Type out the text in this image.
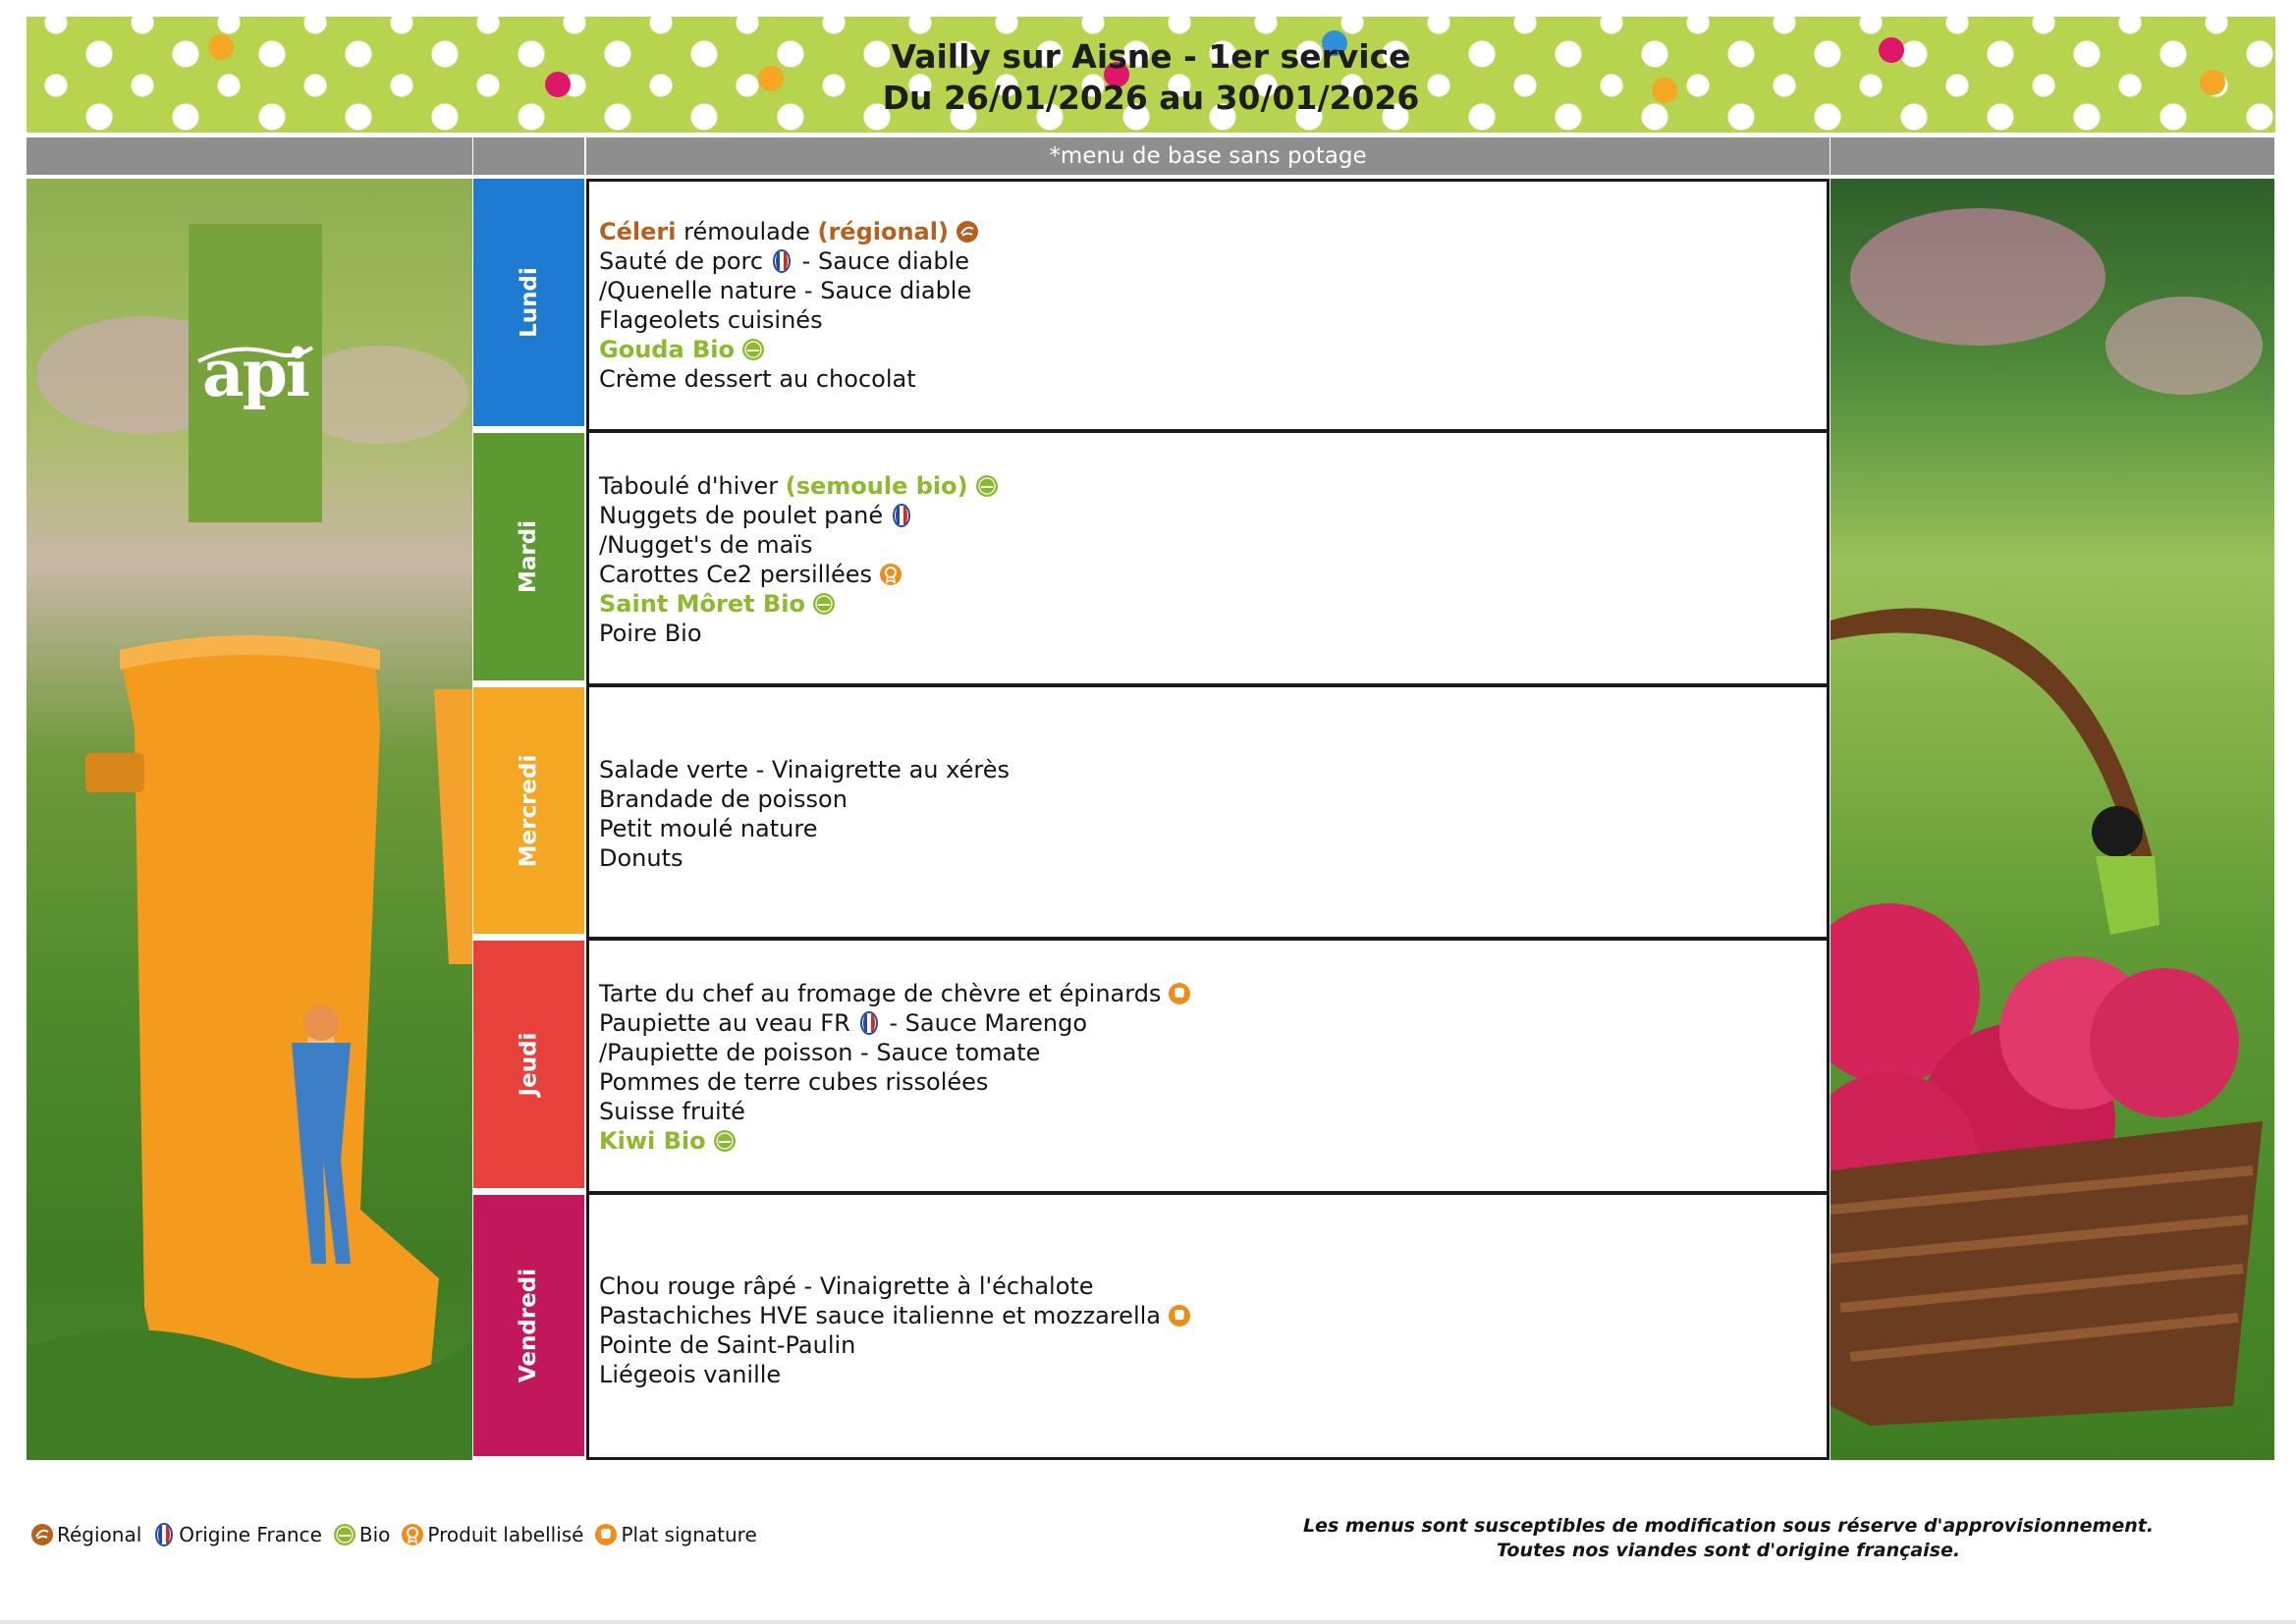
Vailly sur Aisne - 1er service
Du 26/01/2026 au 30/01/2026
*menu de base sans potage
api
Lundi
Mardi
Mercredi
Jeudi
Vendredi
Céleri rémoulade (régional)
Sauté de porc - Sauce diable
/Quenelle nature - Sauce diable
Flageolets cuisinés
Gouda Bio
Crème dessert au chocolat
Taboulé d'hiver (semoule bio)
Nuggets de poulet pané
/Nugget's de maïs
Carottes Ce2 persillées
Saint Môret Bio
Poire Bio
Salade verte - Vinaigrette au xérès
Brandade de poisson
Petit moulé nature
Donuts
Tarte du chef au fromage de chèvre et épinards
Paupiette au veau FR - Sauce Marengo
/Paupiette de poisson - Sauce tomate
Pommes de terre cubes rissolées
Suisse fruité
Kiwi Bio
Chou rouge râpé - Vinaigrette à l'échalote
Pastachiches HVE sauce italienne et mozzarella
Pointe de Saint-Paulin
Liégeois vanille
Régional Origine France Bio Produit labellisé Plat signature	Les menus sont susceptibles de modification sous réserve d'approvisionnement.
Toutes nos viandes sont d'origine française.
